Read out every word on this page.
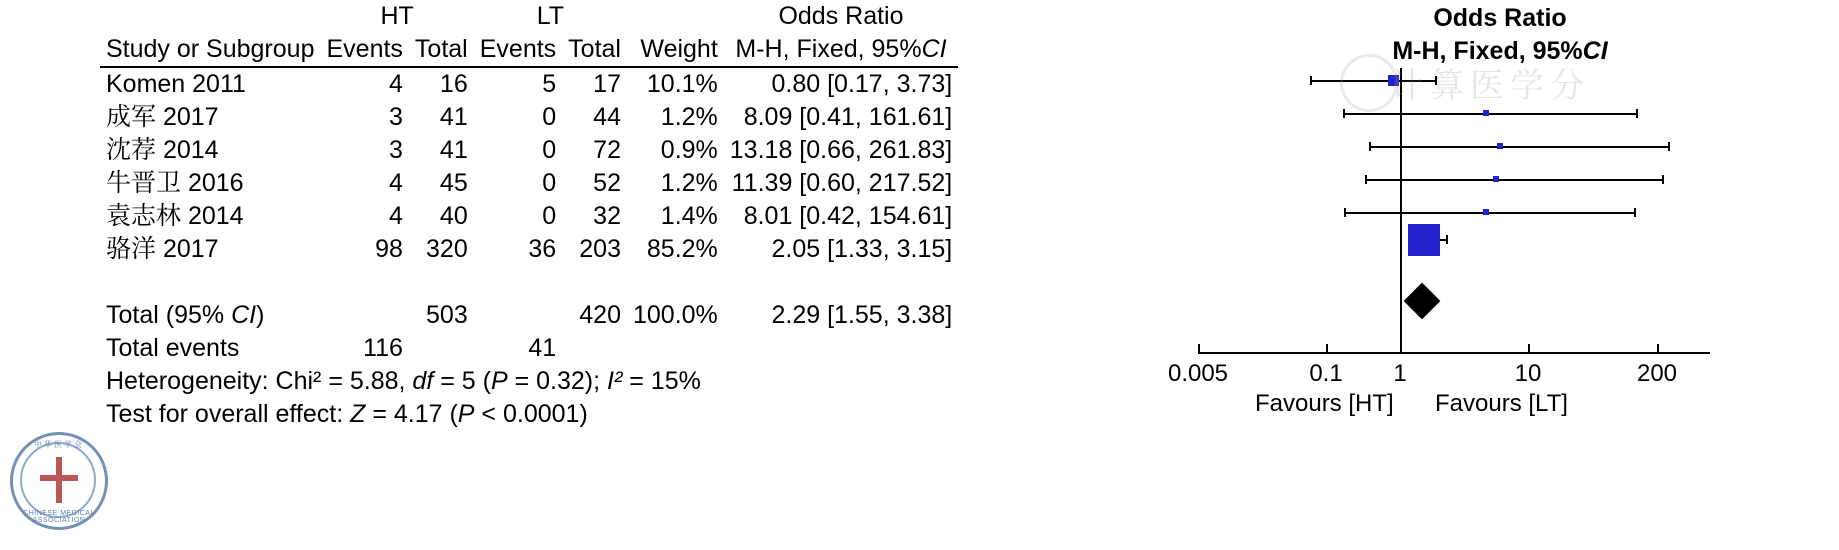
	HT		LT			Odds Ratio
Study or Subgroup	Events	Total	Events	Total	Weight	M-H, Fixed, 95%CI
Komen 2011	4	16	5	17	10.1%	0.80 [0.17, 3.73]
成军 2017	3	41	0	44	1.2%	8.09 [0.41, 161.61]
沈荐 2014	3	41	0	72	0.9%	13.18 [0.66, 261.83]
牛晋卫 2016	4	45	0	52	1.2%	11.39 [0.60, 217.52]
袁志林 2014	4	40	0	32	1.4%	8.01 [0.42, 154.61]
骆洋 2017	98	320	36	203	85.2%	2.05 [1.33, 3.15]

Total (95% CI)		503		420	100.0%	2.29 [1.55, 3.38]
Total events	116		41			
Heterogeneity: Chi² = 5.88, df = 5 (P = 0.32); I² = 15%						
Test for overall effect: Z = 4.17 (P < 0.0001)						
Odds Ratio
M-H, Fixed, 95%CI
0.005	0.1 1	10	200
Favours [HT] Favours [LT]
计算医学分
中华医学会
CHINESE MEDICAL ASSOCIATION
